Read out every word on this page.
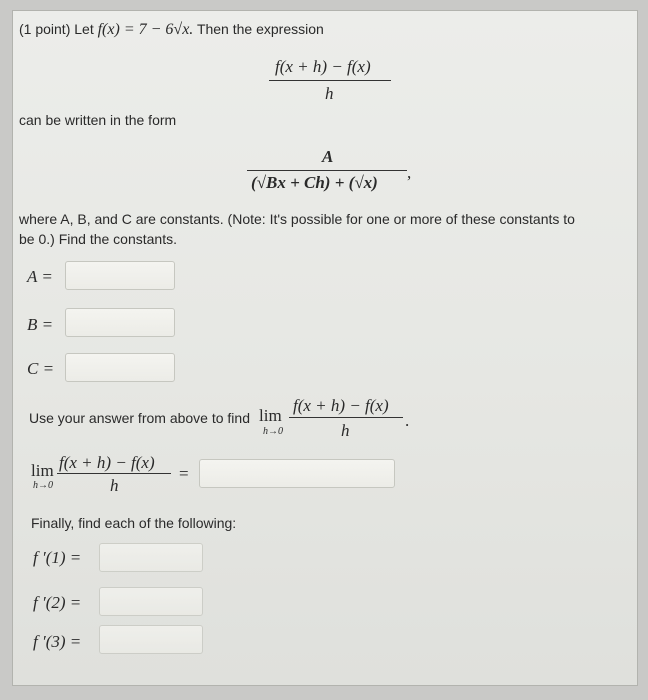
(1 point) Let f(x) = 7 − 6√x. Then the expression
f(x + h) − f(x)
h
can be written in the form
A
(√Bx + Ch) + (√x)
,
where A, B, and C are constants. (Note: It's possible for one or more of these constants to
be 0.) Find the constants.
A =
B =
C =
Use your answer from above to find lim
h→0
f(x + h) − f(x)
h
.
lim
h→0
f(x + h) − f(x)
h
=
Finally, find each of the following:
f ′(1) =
f ′(2) =
f ′(3) =
